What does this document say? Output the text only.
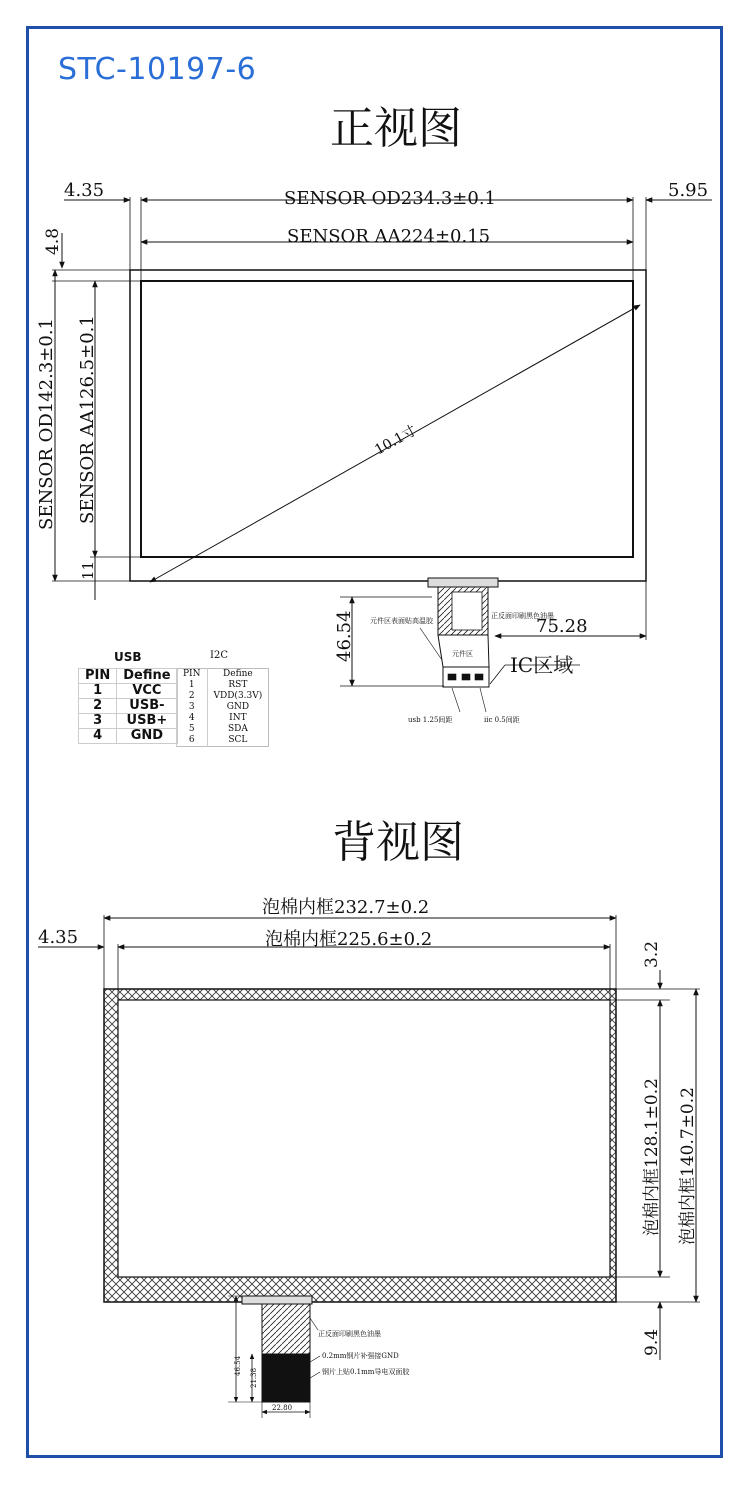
STC-10197-6
正视图
背视图
4.35	SENSOR OD234.3±0.1	5.95
SENSOR AA224±0.15
4.8
SENSOR OD142.3±0.1 SENSOR AA126.5±0.1
11
10.1寸
46.54	75.28
IC区域
元件区表面贴高温胶
正反面印刷黑色油墨
元件区
usb 1.25间距	iic 0.5间距
泡棉内框232.7±0.2
泡棉内框225.6±0.2
4.35
3.2
泡棉内框128.1±0.2 泡棉内框140.7±0.2
9.4
46.54
21.38
22.80
正反面印刷黑色油墨
0.2mm钢片补强接GND
钢片上贴0.1mm导电双面胶
USB	I2C
PIN	Define
1	VCC
2	USB-
3	USB+
4	GND
PIN	Define
1	RST
2	VDD(3.3V)
3	GND
4	INT
5	SDA
6	SCL
